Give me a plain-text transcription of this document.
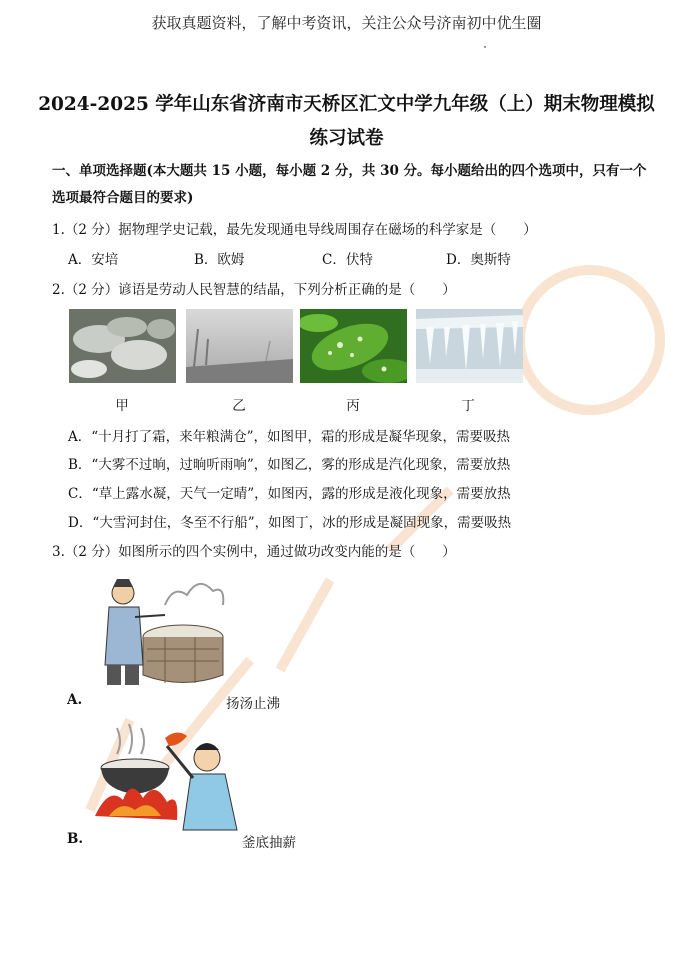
获取真题资料，了解中考资讯，关注公众号济南初中优生圈
2024-2025 学年山东省济南市天桥区汇文中学九年级（上）期末物理模拟
练习试卷
一、单项选择题(本大题共 15 小题，每小题 2 分，共 30 分。每小题给出的四个选项中，只有一个选项最符合题目的要求)
1.（2 分）据物理学史记载，最先发现通电导线周围存在磁场的科学家是（　　）
A．安培	B．欧姆	C．伏特	D．奥斯特
2.（2 分）谚语是劳动人民智慧的结晶，下列分析正确的是（　　）
甲	乙	丙	丁
A．“十月打了霜，来年粮满仓”，如图甲，霜的形成是凝华现象，需要吸热
B．“大雾不过晌，过晌听雨响”，如图乙，雾的形成是汽化现象，需要放热
C．“草上露水凝，天气一定晴”，如图丙，露的形成是液化现象，需要放热
D．“大雪河封住，冬至不行船”，如图丁，冰的形成是凝固现象，需要吸热
3.（2 分）如图所示的四个实例中，通过做功改变内能的是（　　）
A.	扬汤止沸
B.	釜底抽薪
